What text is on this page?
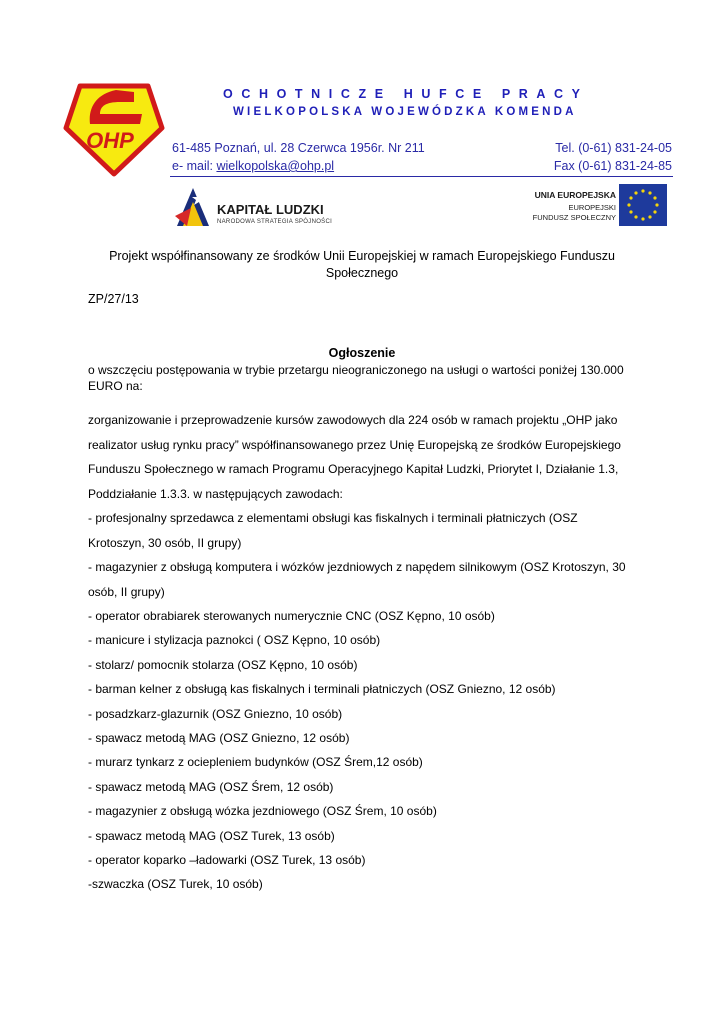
OHP
OCHOTNICZE HUFCE PRACY
WIELKOPOLSKA WOJEWÓDZKA KOMENDA
61-485 Poznań, ul. 28 Czerwca 1956r. Nr 211
e- mail: wielkopolska@ohp.pl
Tel. (0-61) 831-24-05
Fax (0-61) 831-24-85
KAPITAŁ LUDZKI
NARODOWA STRATEGIA SPÓJNOŚCI
UNIA EUROPEJSKA
EUROPEJSKI
FUNDUSZ SPOŁECZNY
Projekt współfinansowany ze środków Unii Europejskiej w ramach Europejskiego Funduszu
Społecznego
ZP/27/13
Ogłoszenie
o wszczęciu postępowania w trybie przetargu nieograniczonego na usługi o wartości poniżej 130.000
EURO na:
zorganizowanie i przeprowadzenie kursów zawodowych dla 224 osób w ramach projektu „OHP jako
realizator usług rynku pracy” współfinansowanego przez Unię Europejską ze środków Europejskiego
Funduszu Społecznego w ramach Programu Operacyjnego Kapitał Ludzki, Priorytet I, Działanie 1.3,
Poddziałanie 1.3.3. w następujących zawodach:
- profesjonalny sprzedawca z elementami obsługi kas fiskalnych i terminali płatniczych (OSZ
Krotoszyn, 30 osób, II grupy)
- magazynier z obsługą komputera i wózków jezdniowych z napędem silnikowym (OSZ Krotoszyn, 30
osób, II grupy)
- operator obrabiarek sterowanych numerycznie CNC (OSZ Kępno, 10 osób)
- manicure i stylizacja paznokci ( OSZ Kępno, 10 osób)
- stolarz/ pomocnik stolarza (OSZ Kępno, 10 osób)
- barman kelner z obsługą kas fiskalnych i terminali płatniczych (OSZ Gniezno, 12 osób)
- posadzkarz-glazurnik (OSZ Gniezno, 10 osób)
- spawacz metodą MAG (OSZ Gniezno, 12 osób)
- murarz tynkarz z ociepleniem budynków (OSZ Śrem,12 osób)
- spawacz metodą MAG (OSZ Śrem, 12 osób)
- magazynier z obsługą wózka jezdniowego (OSZ Śrem, 10 osób)
- spawacz metodą MAG (OSZ Turek, 13 osób)
- operator koparko –ładowarki (OSZ Turek, 13 osób)
-szwaczka (OSZ Turek, 10 osób)
